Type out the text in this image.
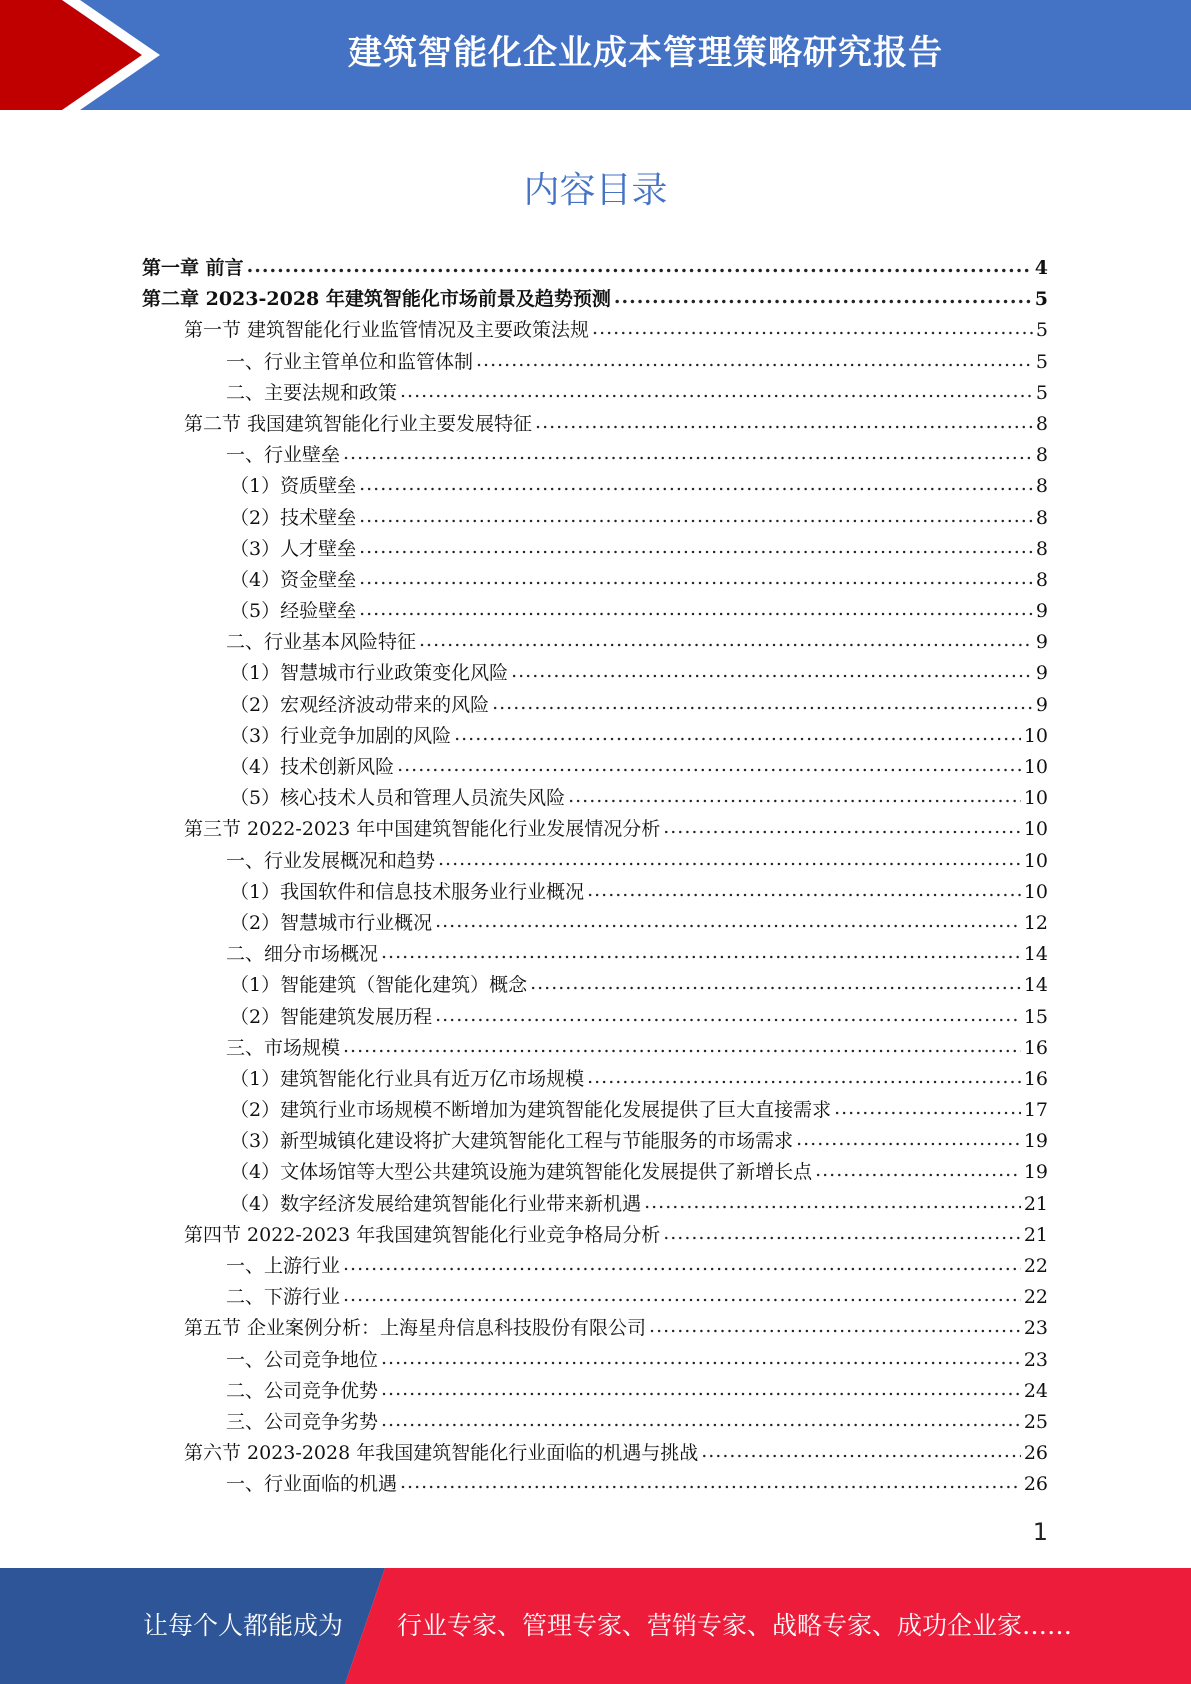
建筑智能化企业成本管理策略研究报告
内容目录
第一章 前言 .....	4
第二章 2023-2028 年建筑智能化市场前景及趋势预测 .....	5
第一节 建筑智能化行业监管情况及主要政策法规 .....	5
一、行业主管单位和监管体制 .....	5
二、主要法规和政策 .....	5
第二节 我国建筑智能化行业主要发展特征 .....	8
一、行业壁垒 .....	8
（1）资质壁垒 .....	8
（2）技术壁垒 .....	8
（3）人才壁垒 .....	8
（4）资金壁垒 .....	8
（5）经验壁垒 .....	9
二、行业基本风险特征 .....	9
（1）智慧城市行业政策变化风险 .....	9
（2）宏观经济波动带来的风险 .....	9
（3）行业竞争加剧的风险 .....	10
（4）技术创新风险 .....	10
（5）核心技术人员和管理人员流失风险 .....	10
第三节 2022-2023 年中国建筑智能化行业发展情况分析 .....	10
一、行业发展概况和趋势 .....	10
（1）我国软件和信息技术服务业行业概况 .....	10
（2）智慧城市行业概况 .....	12
二、细分市场概况 .....	14
（1）智能建筑（智能化建筑）概念 .....	14
（2）智能建筑发展历程 .....	15
三、市场规模 .....	16
（1）建筑智能化行业具有近万亿市场规模 .....	16
（2）建筑行业市场规模不断增加为建筑智能化发展提供了巨大直接需求 .....	17
（3）新型城镇化建设将扩大建筑智能化工程与节能服务的市场需求 .....	19
（4）文体场馆等大型公共建筑设施为建筑智能化发展提供了新增长点 .....	19
（4）数字经济发展给建筑智能化行业带来新机遇 .....	21
第四节 2022-2023 年我国建筑智能化行业竞争格局分析 .....	21
一、上游行业 .....	22
二、下游行业 .....	22
第五节 企业案例分析：上海星舟信息科技股份有限公司 .....	23
一、公司竞争地位 .....	23
二、公司竞争优势 .....	24
三、公司竞争劣势 .....	25
第六节 2023-2028 年我国建筑智能化行业面临的机遇与挑战 .....	26
一、行业面临的机遇 .....	26
1
让每个人都能成为 行业专家、管理专家、营销专家、战略专家、成功企业家……
